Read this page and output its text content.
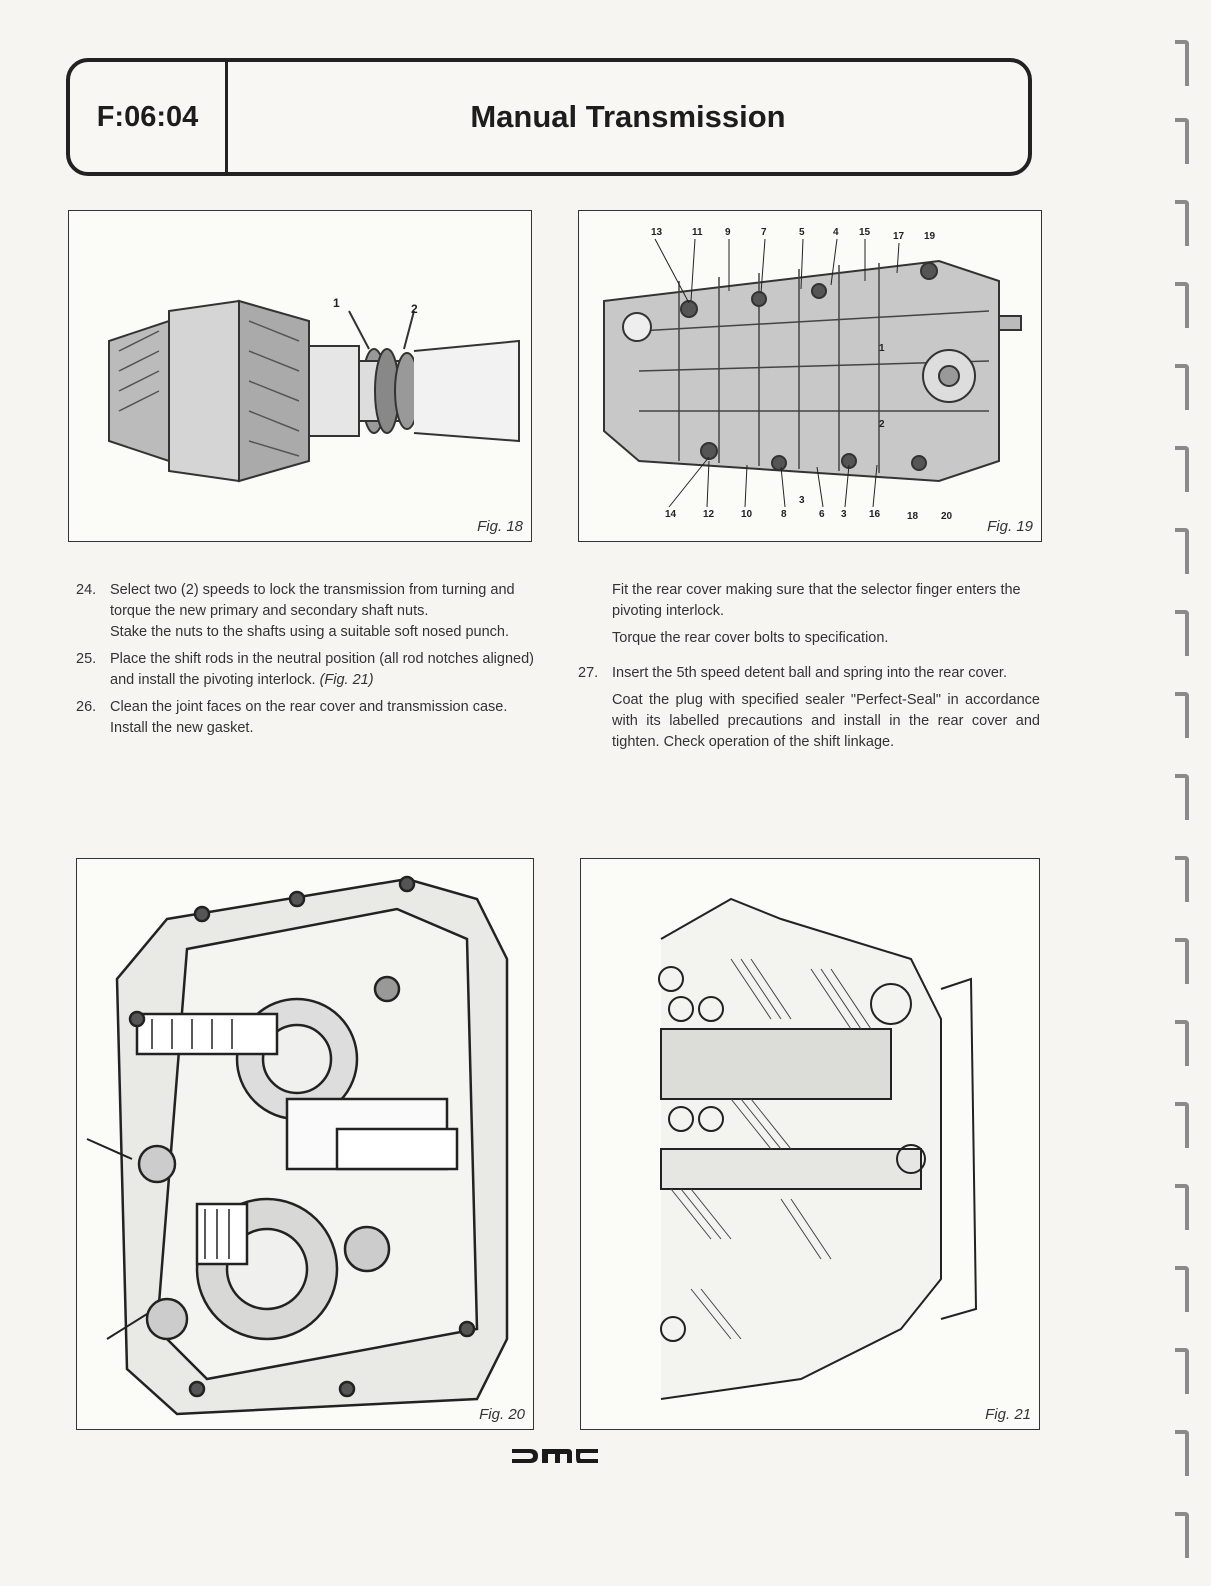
F:06:04	Manual Transmission
1	2
Fig. 18
13	11 9	7	5	4 15 17 19
14	12	10	8	6 3 16	18 20
1
2
3
Fig. 19
24. Select two (2) speeds to lock the transmission from turning and torque the new primary and secondary shaft nuts.

Stake the nuts to the shafts using a suitable soft nosed punch.

25. Place the shift rods in the neutral position (all rod notches aligned) and install the pivoting interlock. (Fig. 21)

26. Clean the joint faces on the rear cover and transmission case. Install the new gasket.

Fit the rear cover making sure that the selector finger enters the pivoting interlock.

Torque the rear cover bolts to specification.

27. Insert the 5th speed detent ball and spring into the rear cover.

Coat the plug with specified sealer "Perfect-Seal" in accordance with its labelled precautions and install in the rear cover and tighten. Check operation of the shift linkage.

Fig. 20	Fig. 21
